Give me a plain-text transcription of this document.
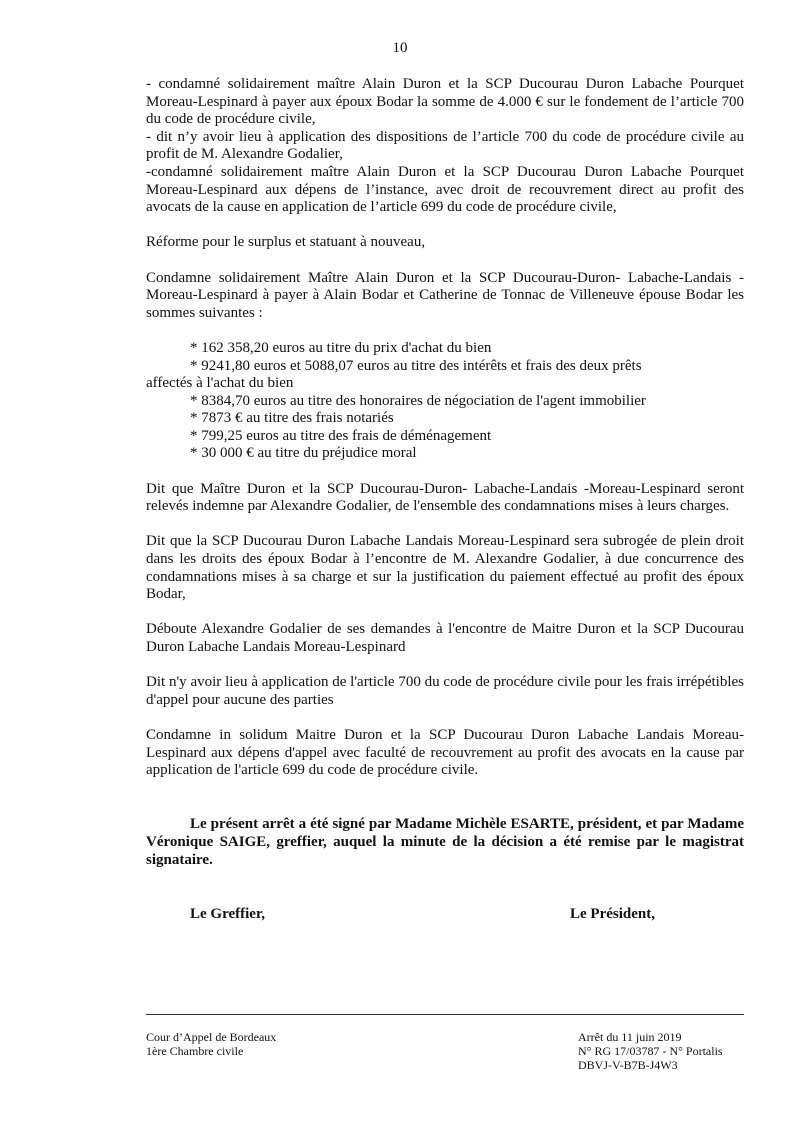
10

- condamné solidairement maître Alain Duron et la SCP Ducourau Duron Labache Pourquet Moreau-Lespinard à payer aux époux Bodar la somme de 4.000 € sur le fondement de l’article 700 du code de procédure civile,

- dit n’y avoir lieu à application des dispositions de l’article 700 du code de procédure civile au profit de M. Alexandre Godalier,

-condamné solidairement maître Alain Duron et la SCP Ducourau Duron Labache Pourquet Moreau-Lespinard aux dépens de l’instance, avec droit de recouvrement direct au profit des avocats de la cause en application de l’article 699 du code de procédure civile,

Réforme pour le surplus et statuant à nouveau,

Condamne solidairement Maître Alain Duron et la SCP Ducourau-Duron- Labache-Landais -Moreau-Lespinard à payer à Alain Bodar et Catherine de Tonnac de Villeneuve épouse Bodar les sommes suivantes :

* 162 358,20 euros au titre du prix d'achat du bien

* 9241,80 euros et 5088,07 euros au titre des intérêts et frais des deux prêts

affectés à l'achat du bien

* 8384,70 euros au titre des honoraires de négociation de l'agent immobilier

* 7873 € au titre des frais notariés

* 799,25 euros au titre des frais de déménagement

* 30 000 € au titre du préjudice moral

Dit que Maître Duron et la SCP Ducourau-Duron- Labache-Landais -Moreau-Lespinard seront relevés indemne par Alexandre Godalier, de l'ensemble des condamnations mises à leurs charges.

Dit que la SCP Ducourau Duron Labache Landais Moreau-Lespinard sera subrogée de plein droit dans les droits des époux Bodar à l’encontre de M. Alexandre Godalier, à due concurrence des condamnations mises à sa charge et sur la justification du paiement effectué au profit des époux Bodar,

Déboute Alexandre Godalier de ses demandes à l'encontre de Maitre Duron et la SCP Ducourau Duron Labache Landais Moreau-Lespinard

Dit n'y avoir lieu à application de l'article 700 du code de procédure civile pour les frais irrépétibles d'appel pour aucune des parties

Condamne in solidum Maitre Duron et la SCP Ducourau Duron Labache Landais Moreau-Lespinard aux dépens d'appel avec faculté de recouvrement au profit des avocats en la cause par application de l'article 699 du code de procédure civile.

Le présent arrêt a été signé par Madame Michèle ESARTE, président, et par Madame Véronique SAIGE, greffier, auquel la minute de la décision a été remise par le magistrat signataire.

Le Greffier,	Le Président,
Cour d’Appel de Bordeaux
1ère Chambre civile
Arrêt du 11 juin 2019
N° RG 17/03787 - N° Portalis
DBVJ-V-B7B-J4W3
